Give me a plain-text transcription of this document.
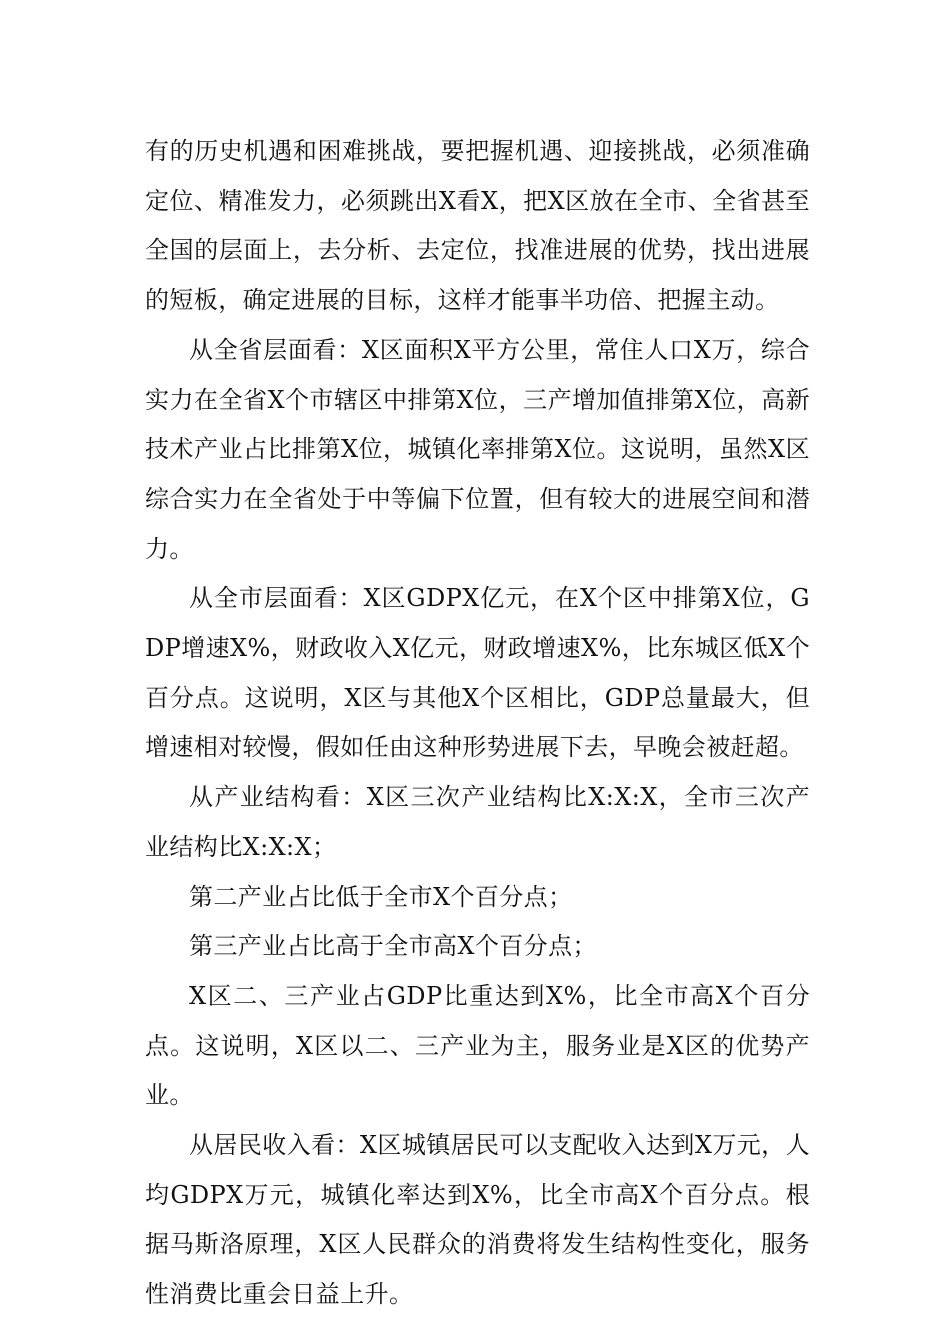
有的历史机遇和困难挑战，要把握机遇、迎接挑战，必须准确定位、精准发力，必须跳出X看X，把X区放在全市、全省甚至全国的层面上，去分析、去定位，找准进展的优势，找出进展的短板，确定进展的目标，这样才能事半功倍、把握主动。

从全省层面看：X区面积X平方公里，常住人口X万，综合实力在全省X个市辖区中排第X位，三产增加值排第X位，高新技术产业占比排第X位，城镇化率排第X位。这说明，虽然X区综合实力在全省处于中等偏下位置，但有较大的进展空间和潜力。

从全市层面看：X区GDPX亿元，在X个区中排第X位，GDP增速X%，财政收入X亿元，财政增速X%，比东城区低X个百分点。这说明，X区与其他X个区相比，GDP总量最大，但增速相对较慢，假如任由这种形势进展下去，早晚会被赶超。

从产业结构看：X区三次产业结构比X:X:X，全市三次产业结构比X:X:X；

第二产业占比低于全市X个百分点；

第三产业占比高于全市高X个百分点；

X区二、三产业占GDP比重达到X%，比全市高X个百分点。这说明，X区以二、三产业为主，服务业是X区的优势产业。

从居民收入看：X区城镇居民可以支配收入达到X万元，人均GDPX万元，城镇化率达到X%，比全市高X个百分点。根据马斯洛原理，X区人民群众的消费将发生结构性变化，服务性消费比重会日益上升。
